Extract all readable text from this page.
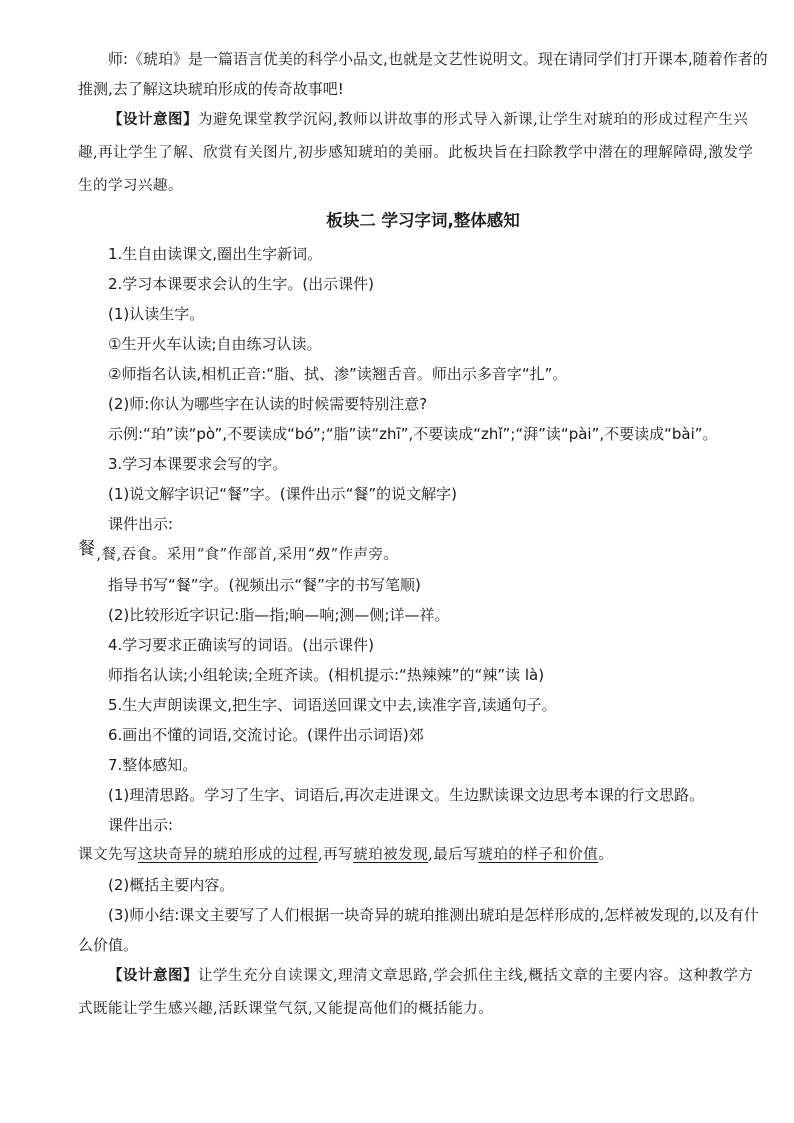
师:《琥珀》是一篇语言优美的科学小品文,也就是文艺性说明文。现在请同学们打开课本,随着作者的推测,去了解这块琥珀形成的传奇故事吧!

【设计意图】为避免课堂教学沉闷,教师以讲故事的形式导入新课,让学生对琥珀的形成过程产生兴趣,再让学生了解、欣赏有关图片,初步感知琥珀的美丽。此板块旨在扫除教学中潜在的理解障碍,激发学生的学习兴趣。

板块二 学习字词,整体感知

1.生自由读课文,圈出生字新词。

2.学习本课要求会认的生字。(出示课件)

(1)认读生字。

①生开火车认读;自由练习认读。

②师指名认读,相机正音:“脂、拭、渗”读翘舌音。师出示多音字“扎”。

(2)师:你认为哪些字在认读的时候需要特别注意?

示例:“珀”读“pò”,不要读成“bó”;“脂”读“zhī”,不要读成“zhǐ”;“湃”读“pài”,不要读成“bài”。

3.学习本课要求会写的字。

(1)说文解字识记“餐”字。(课件出示“餐”的说文解字)

课件出示:

餐,餐,吞食。采用“食”作部首,采用“𣦼”作声旁。

指导书写“餐”字。(视频出示“餐”字的书写笔顺)

(2)比较形近字识记:脂—指;晌—响;测—侧;详—祥。

4.学习要求正确读写的词语。(出示课件)

师指名认读;小组轮读;全班齐读。(相机提示:“热辣辣”的“辣”读 là)

5.生大声朗读课文,把生字、词语送回课文中去,读准字音,读通句子。

6.画出不懂的词语,交流讨论。(课件出示词语)郊

7.整体感知。

(1)理清思路。学习了生字、词语后,再次走进课文。生边默读课文边思考本课的行文思路。

课件出示:

课文先写这块奇异的琥珀形成的过程,再写琥珀被发现,最后写琥珀的样子和价值。

(2)概括主要内容。

(3)师小结:课文主要写了人们根据一块奇异的琥珀推测出琥珀是怎样形成的,怎样被发现的,以及有什么价值。

【设计意图】让学生充分自读课文,理清文章思路,学会抓住主线,概括文章的主要内容。这种教学方式既能让学生感兴趣,活跃课堂气氛,又能提高他们的概括能力。
